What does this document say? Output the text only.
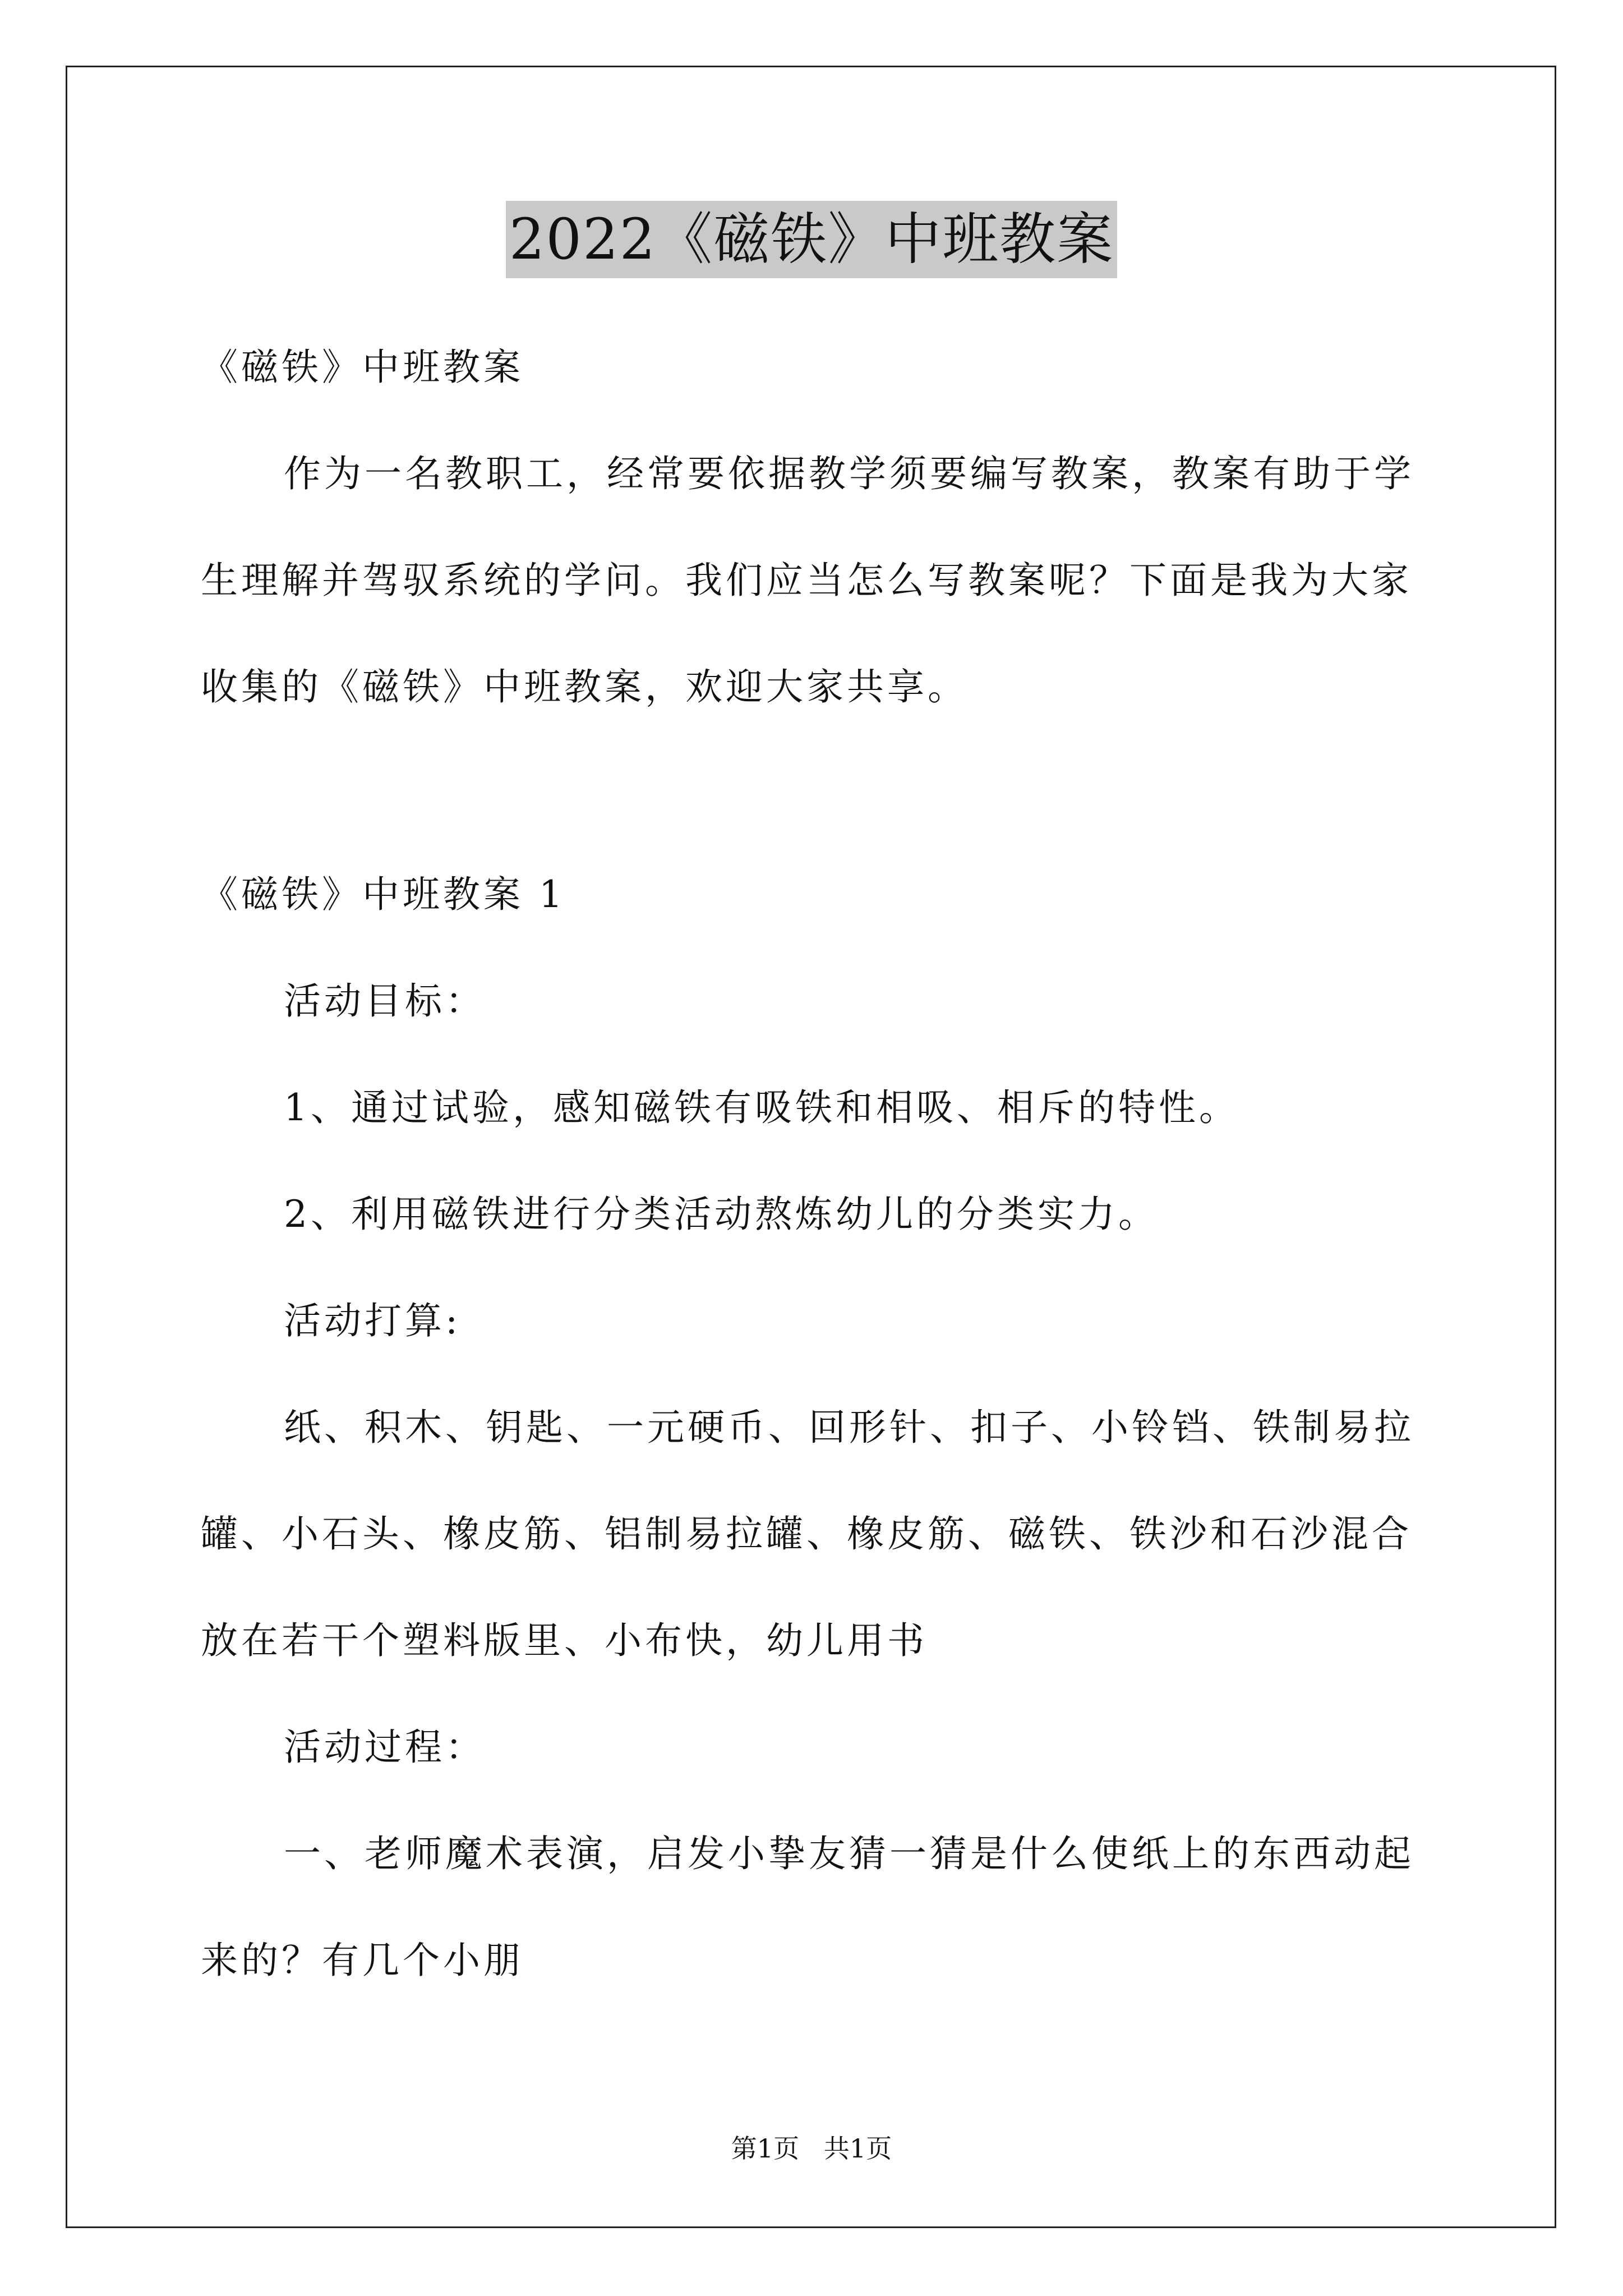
2022《磁铁》中班教案

《磁铁》中班教案

作为一名教职工，经常要依据教学须要编写教案，教案有助于学生理解并驾驭系统的学问。我们应当怎么写教案呢？下面是我为大家收集的《磁铁》中班教案，欢迎大家共享。

《磁铁》中班教案 1

活动目标：

1、通过试验，感知磁铁有吸铁和相吸、相斥的特性。

2、利用磁铁进行分类活动熬炼幼儿的分类实力。

活动打算:

纸、积木、钥匙、一元硬币、回形针、扣子、小铃铛、铁制易拉罐、小石头、橡皮筋、铝制易拉罐、橡皮筋、磁铁、铁沙和石沙混合放在若干个塑料版里、小布快，幼儿用书

活动过程：

一、老师魔术表演，启发小挚友猜一猜是什么使纸上的东西动起来的？有几个小朋

第1页   共1页
